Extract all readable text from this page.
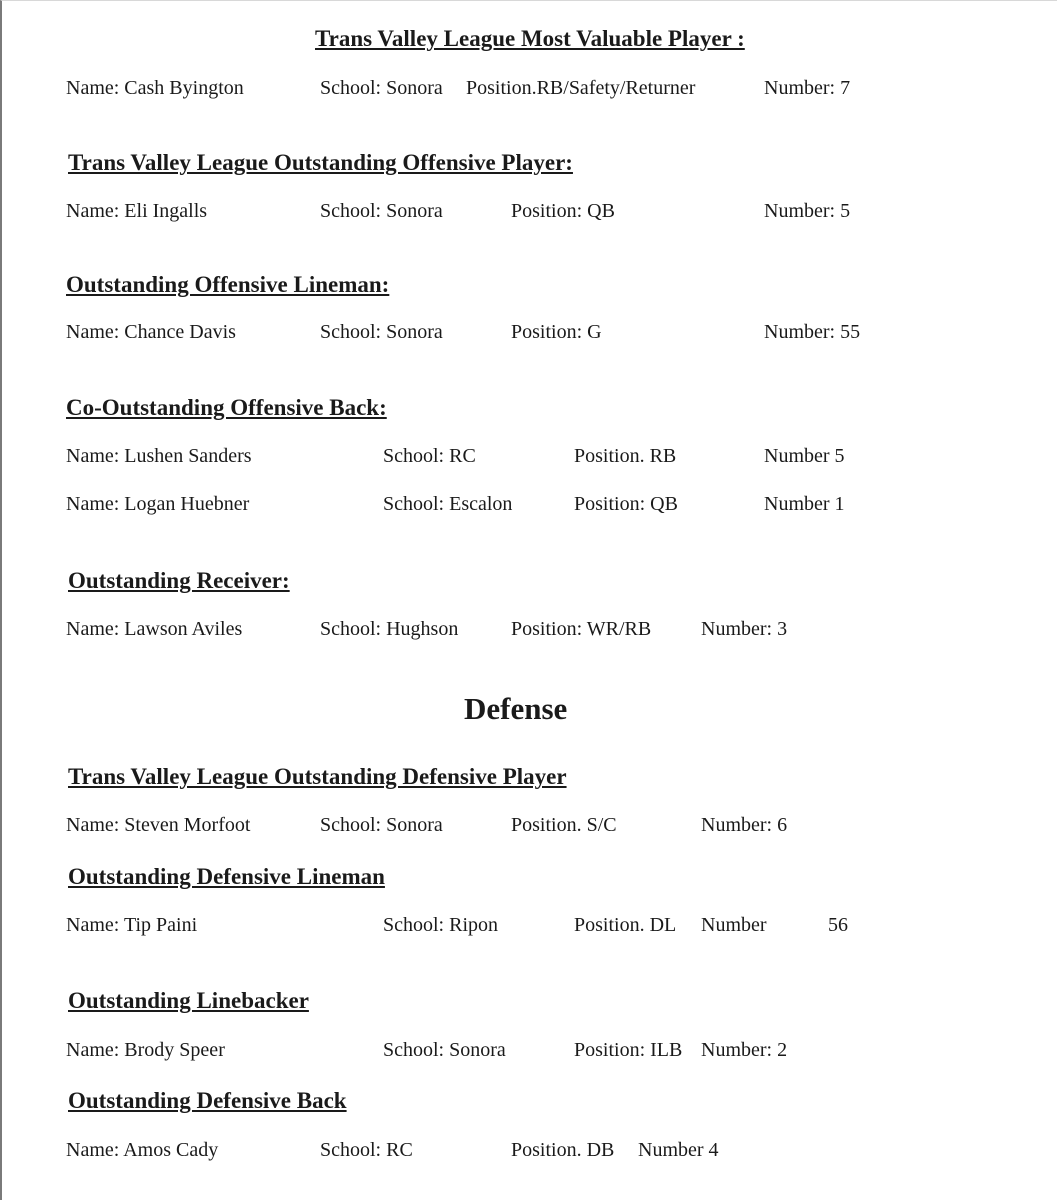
Trans Valley League Most Valuable Player :
Name: Cash Byington	School: Sonora Position.RB/Safety/Returner	Number: 7
Trans Valley League Outstanding Offensive Player:
Name: Eli Ingalls	School: Sonora	Position: QB	Number: 5
Outstanding Offensive Lineman:
Name: Chance Davis	School: Sonora	Position: G	Number: 55
Co-Outstanding Offensive Back:
Name: Lushen Sanders	School: RC	Position. RB	Number 5
Name: Logan Huebner	School: Escalon	Position: QB	Number 1
Outstanding Receiver:
Name: Lawson Aviles	School: Hughson	Position: WR/RB Number: 3
Defense
Trans Valley League Outstanding Defensive Player
Name: Steven Morfoot	School: Sonora	Position. S/C	Number: 6
Outstanding Defensive Lineman
Name: Tip Paini	School: Ripon	Position. DL Number	56
Outstanding Linebacker
Name: Brody Speer	School: Sonora	Position: ILB Number: 2
Outstanding Defensive Back
Name: Amos Cady	School: RC	Position. DB Number 4
